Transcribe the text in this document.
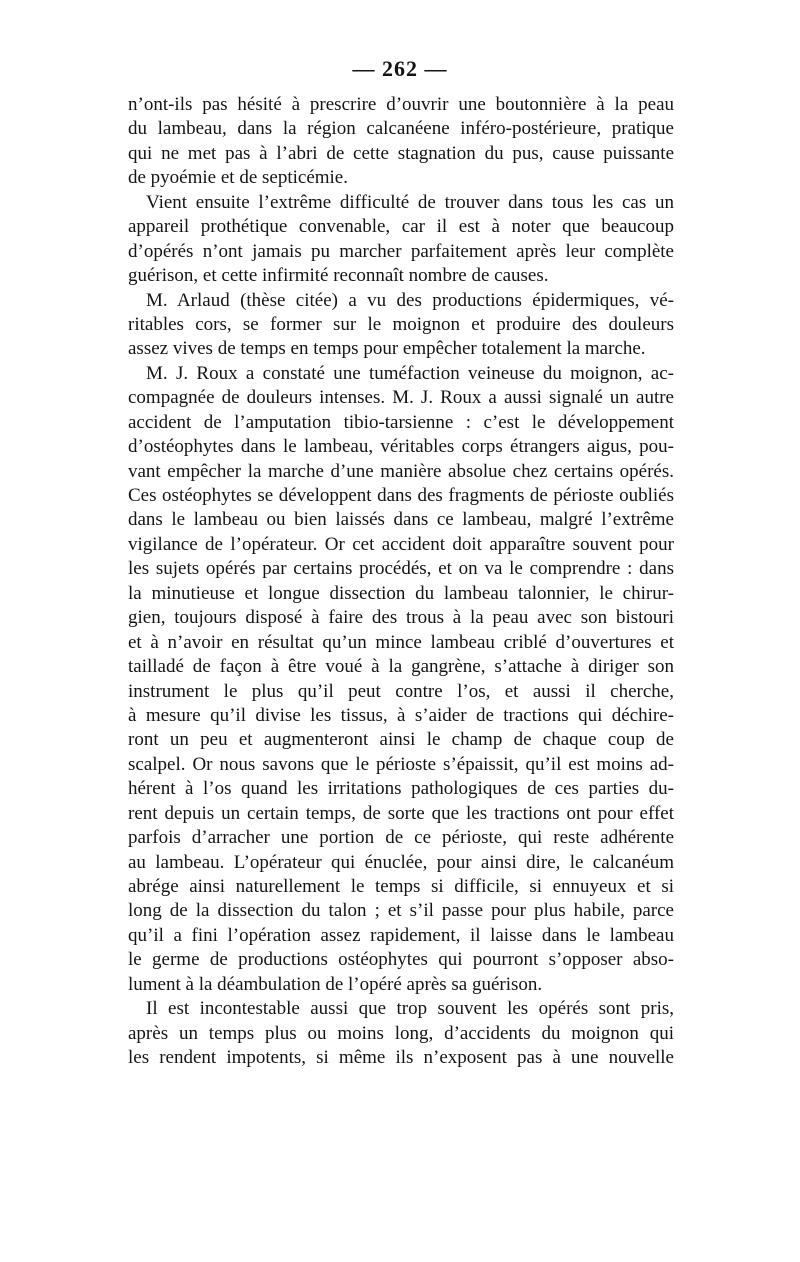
— 262 —
n’ont-ils pas hésité à prescrire d’ouvrir une boutonnière à la peau
du lambeau, dans la région calcanéene inféro-postérieure, pratique
qui ne met pas à l’abri de cette stagnation du pus, cause puissante
de pyoémie et de septicémie.
Vient ensuite l’extrême difficulté de trouver dans tous les cas un
appareil prothétique convenable, car il est à noter que beaucoup
d’opérés n’ont jamais pu marcher parfaitement après leur complète
guérison, et cette infirmité reconnaît nombre de causes.
M. Arlaud (thèse citée) a vu des productions épidermiques, vé-
ritables cors, se former sur le moignon et produire des douleurs
assez vives de temps en temps pour empêcher totalement la marche.
M. J. Roux a constaté une tuméfaction veineuse du moignon, ac-
compagnée de douleurs intenses. M. J. Roux a aussi signalé un autre
accident de l’amputation tibio-tarsienne : c’est le développement
d’ostéophytes dans le lambeau, véritables corps étrangers aigus, pou-
vant empêcher la marche d’une manière absolue chez certains opérés.
Ces ostéophytes se développent dans des fragments de périoste oubliés
dans le lambeau ou bien laissés dans ce lambeau, malgré l’extrême
vigilance de l’opérateur. Or cet accident doit apparaître souvent pour
les sujets opérés par certains procédés, et on va le comprendre : dans
la minutieuse et longue dissection du lambeau talonnier, le chirur-
gien, toujours disposé à faire des trous à la peau avec son bistouri
et à n’avoir en résultat qu’un mince lambeau criblé d’ouvertures et
tailladé de façon à être voué à la gangrène, s’attache à diriger son
instrument le plus qu’il peut contre l’os, et aussi il cherche,
à mesure qu’il divise les tissus, à s’aider de tractions qui déchire-
ront un peu et augmenteront ainsi le champ de chaque coup de
scalpel. Or nous savons que le périoste s’épaissit, qu’il est moins ad-
hérent à l’os quand les irritations pathologiques de ces parties du-
rent depuis un certain temps, de sorte que les tractions ont pour effet
parfois d’arracher une portion de ce périoste, qui reste adhérente
au lambeau. L’opérateur qui énuclée, pour ainsi dire, le calcanéum
abrége ainsi naturellement le temps si difficile, si ennuyeux et si
long de la dissection du talon ; et s’il passe pour plus habile, parce
qu’il a fini l’opération assez rapidement, il laisse dans le lambeau
le germe de productions ostéophytes qui pourront s’opposer abso-
lument à la déambulation de l’opéré après sa guérison.
Il est incontestable aussi que trop souvent les opérés sont pris,
après un temps plus ou moins long, d’accidents du moignon qui
les rendent impotents, si même ils n’exposent pas à une nouvelle
